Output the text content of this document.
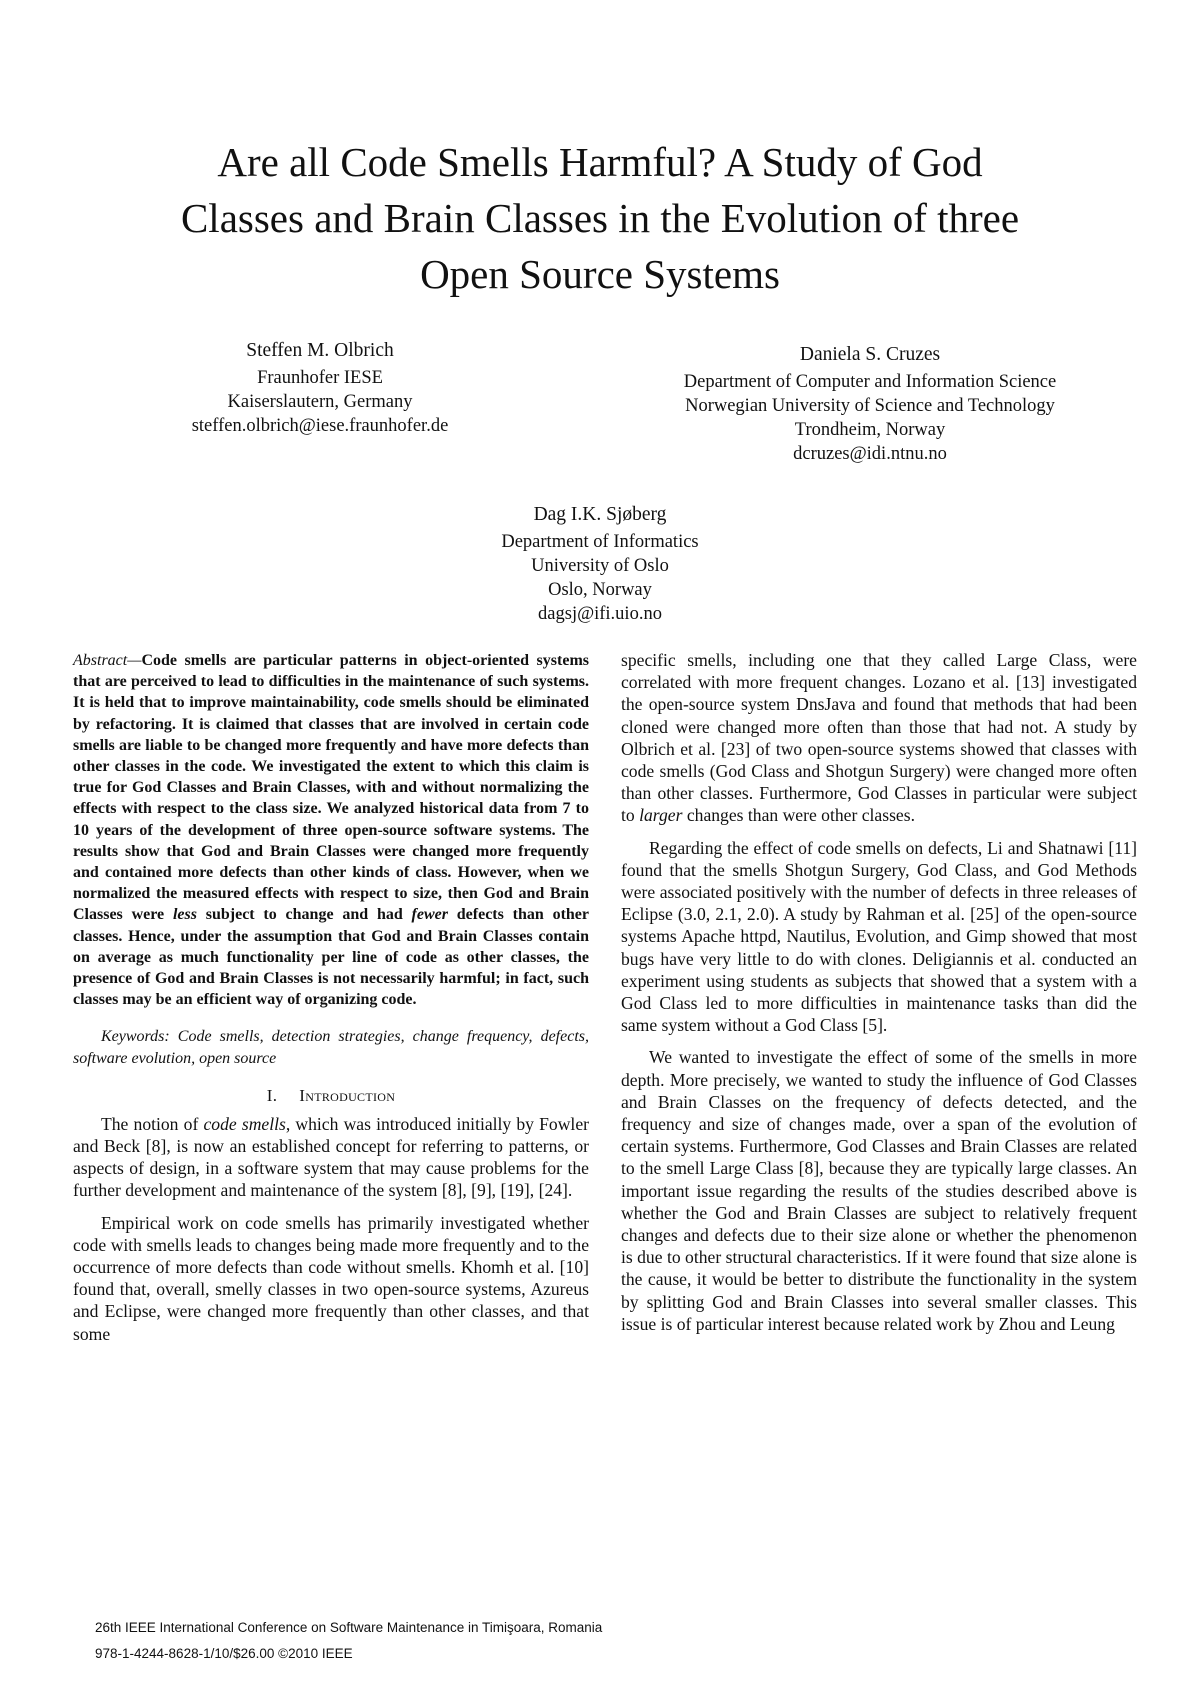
Are all Code Smells Harmful? A Study of God
Classes and Brain Classes in the Evolution of three
Open Source Systems
Steffen M. Olbrich
Fraunhofer IESE
Kaiserslautern, Germany
steffen.olbrich@iese.fraunhofer.de
Daniela S. Cruzes
Department of Computer and Information Science
Norwegian University of Science and Technology
Trondheim, Norway
dcruzes@idi.ntnu.no
Dag I.K. Sjøberg
Department of Informatics
University of Oslo
Oslo, Norway
dagsj@ifi.uio.no

Abstract—Code smells are particular patterns in object-oriented systems that are perceived to lead to difficulties in the maintenance of such systems. It is held that to improve maintainability, code smells should be eliminated by refactoring. It is claimed that classes that are involved in certain code smells are liable to be changed more frequently and have more defects than other classes in the code. We investigated the extent to which this claim is true for God Classes and Brain Classes, with and without normalizing the effects with respect to the class size. We analyzed historical data from 7 to 10 years of the development of three open-source software systems. The results show that God and Brain Classes were changed more frequently and contained more defects than other kinds of class. However, when we normalized the measured effects with respect to size, then God and Brain Classes were less subject to change and had fewer defects than other classes. Hence, under the assumption that God and Brain Classes contain on average as much functionality per line of code as other classes, the presence of God and Brain Classes is not necessarily harmful; in fact, such classes may be an efficient way of organizing code.

Keywords: Code smells, detection strategies, change frequency, defects, software evolution, open source

I. Introduction

The notion of code smells, which was introduced initially by Fowler and Beck [8], is now an established concept for referring to patterns, or aspects of design, in a software system that may cause problems for the further development and maintenance of the system [8], [9], [19], [24].

Empirical work on code smells has primarily investigated whether code with smells leads to changes being made more frequently and to the occurrence of more defects than code without smells. Khomh et al. [10] found that, overall, smelly classes in two open-source systems, Azureus and Eclipse, were changed more frequently than other classes, and that some

specific smells, including one that they called Large Class, were correlated with more frequent changes. Lozano et al. [13] investigated the open-source system DnsJava and found that methods that had been cloned were changed more often than those that had not. A study by Olbrich et al. [23] of two open-source systems showed that classes with code smells (God Class and Shotgun Surgery) were changed more often than other classes. Furthermore, God Classes in particular were subject to larger changes than were other classes.

Regarding the effect of code smells on defects, Li and Shatnawi [11] found that the smells Shotgun Surgery, God Class, and God Methods were associated positively with the number of defects in three releases of Eclipse (3.0, 2.1, 2.0). A study by Rahman et al. [25] of the open-source systems Apache httpd, Nautilus, Evolution, and Gimp showed that most bugs have very little to do with clones. Deligiannis et al. conducted an experiment using students as subjects that showed that a system with a God Class led to more difficulties in maintenance tasks than did the same system without a God Class [5].

We wanted to investigate the effect of some of the smells in more depth. More precisely, we wanted to study the influence of God Classes and Brain Classes on the frequency of defects detected, and the frequency and size of changes made, over a span of the evolution of certain systems. Furthermore, God Classes and Brain Classes are related to the smell Large Class [8], because they are typically large classes. An important issue regarding the results of the studies described above is whether the God and Brain Classes are subject to relatively frequent changes and defects due to their size alone or whether the phenomenon is due to other structural characteristics. If it were found that size alone is the cause, it would be better to distribute the functionality in the system by splitting God and Brain Classes into several smaller classes. This issue is of particular interest because related work by Zhou and Leung

26th IEEE International Conference on Software Maintenance in Timişoara, Romania
978-1-4244-8628-1/10/$26.00 ©2010 IEEE
